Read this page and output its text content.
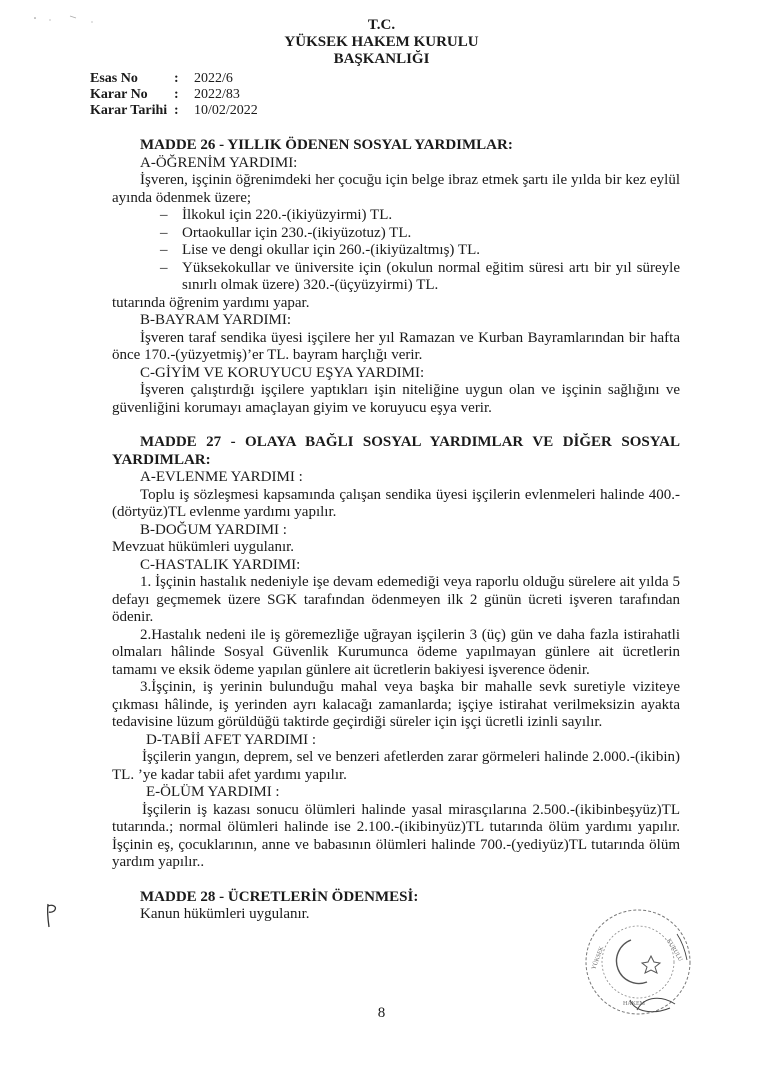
T.C.
YÜKSEK HAKEM KURULU
BAŞKANLIĞI
Esas No	:	2022/6
Karar No	:	2022/83
Karar Tarihi :	10/02/2022
MADDE 26 - YILLIK ÖDENEN SOSYAL YARDIMLAR:
A-ÖĞRENİM YARDIMI:
İşveren, işçinin öğrenimdeki her çocuğu için belge ibraz etmek şartı ile yılda bir kez eylül ayında ödenmek üzere;
– İlkokul için 220.-(ikiyüzyirmi) TL.
– Ortaokullar için 230.-(ikiyüzotuz) TL.
– Lise ve dengi okullar için 260.-(ikiyüzaltmış) TL.
– Yüksekokullar ve üniversite için (okulun normal eğitim süresi artı bir yıl süreyle sınırlı olmak üzere) 320.-(üçyüzyirmi) TL.
tutarında öğrenim yardımı yapar.
B-BAYRAM YARDIMI:
İşveren taraf sendika üyesi işçilere her yıl Ramazan ve Kurban Bayramlarından bir hafta önce 170.-(yüzyetmiş)’er TL. bayram harçlığı verir.
C-GİYİM VE KORUYUCU EŞYA YARDIMI:
İşveren çalıştırdığı işçilere yaptıkları işin niteliğine uygun olan ve işçinin sağlığını ve güvenliğini korumayı amaçlayan giyim ve koruyucu eşya verir.
MADDE 27 - OLAYA BAĞLI SOSYAL YARDIMLAR VE DİĞER SOSYAL YARDIMLAR:
A-EVLENME YARDIMI :
Toplu iş sözleşmesi kapsamında çalışan sendika üyesi işçilerin evlenmeleri halinde 400.-(dörtyüz)TL evlenme yardımı yapılır.
B-DOĞUM YARDIMI :
Mevzuat hükümleri uygulanır.
C-HASTALIK YARDIMI:
1. İşçinin hastalık nedeniyle işe devam edemediği veya raporlu olduğu sürelere ait yılda 5 defayı geçmemek üzere SGK tarafından ödenmeyen ilk 2 günün ücreti işveren tarafından ödenir.
2.Hastalık nedeni ile iş göremezliğe uğrayan işçilerin 3 (üç) gün ve daha fazla istirahatli olmaları hâlinde Sosyal Güvenlik Kurumunca ödeme yapılmayan günlere ait ücretlerin tamamı ve eksik ödeme yapılan günlere ait ücretlerin bakiyesi işverence ödenir.
3.İşçinin, iş yerinin bulunduğu mahal veya başka bir mahalle sevk suretiyle viziteye çıkması hâlinde, iş yerinden ayrı kalacağı zamanlarda; işçiye istirahat verilmeksizin ayakta tedavisine lüzum görüldüğü taktirde geçirdiği süreler için işçi ücretli izinli sayılır.
D-TABİİ AFET YARDIMI :
İşçilerin yangın, deprem, sel ve benzeri afetlerden zarar görmeleri halinde 2.000.-(ikibin) TL. ’ye kadar tabii afet yardımı yapılır.
E-ÖLÜM YARDIMI :
İşçilerin iş kazası sonucu ölümleri halinde yasal mirasçılarına 2.500.-(ikibinbeşyüz)TL tutarında.; normal ölümleri halinde ise 2.100.-(ikibinyüz)TL tutarında ölüm yardımı yapılır. İşçinin eş, çocuklarının, anne ve babasının ölümleri halinde 700.-(yediyüz)TL tutarında ölüm yardım yapılır..
MADDE 28 - ÜCRETLERİN ÖDENMESİ:
Kanun hükümleri uygulanır.
YÜKSEK	KURULU
HAKEM
8
